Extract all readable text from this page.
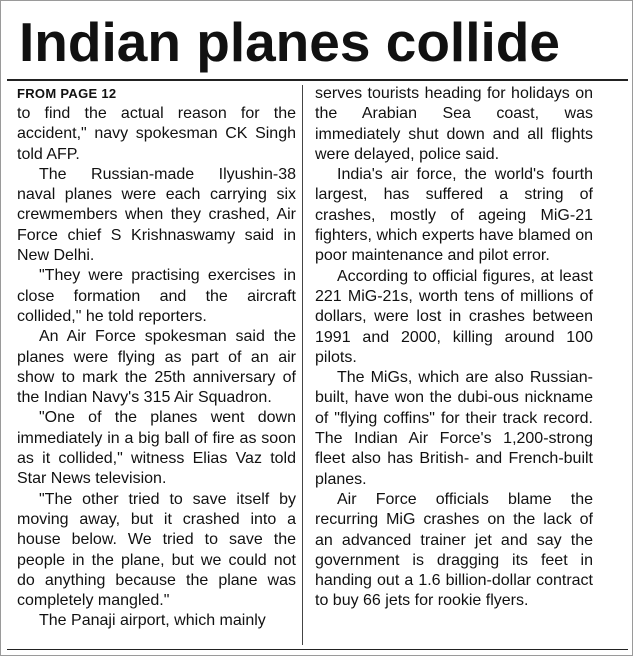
Indian planes collide
FROM PAGE 12

to find the actual reason for the accident," navy spokesman CK Singh told AFP.

The Russian-made Ilyushin-38 naval planes were each carrying six crewmembers when they crashed, Air Force chief S Krishnaswamy said in New Delhi.

"They were practising exercises in close formation and the aircraft collided," he told reporters.

An Air Force spokesman said the planes were flying as part of an air show to mark the 25th anniversary of the Indian Navy's 315 Air Squadron.

"One of the planes went down immediately in a big ball of fire as soon as it collided," witness Elias Vaz told Star News television.

"The other tried to save itself by moving away, but it crashed into a house below. We tried to save the people in the plane, but we could not do anything because the plane was completely mangled."

The Panaji airport, which mainly

serves tourists heading for holidays on the Arabian Sea coast, was immediately shut down and all flights were delayed, police said.

India's air force, the world's fourth largest, has suffered a string of crashes, mostly of ageing MiG-21 fighters, which experts have blamed on poor maintenance and pilot error.

According to official figures, at least 221 MiG-21s, worth tens of millions of dollars, were lost in crashes between 1991 and 2000, killing around 100 pilots.

The MiGs, which are also Russian-built, have won the dubi-ous nickname of "flying coffins" for their track record. The Indian Air Force's 1,200-strong fleet also has British- and French-built planes.

Air Force officials blame the recurring MiG crashes on the lack of an advanced trainer jet and say the government is dragging its feet in handing out a 1.6 billion-dollar contract to buy 66 jets for rookie flyers.
